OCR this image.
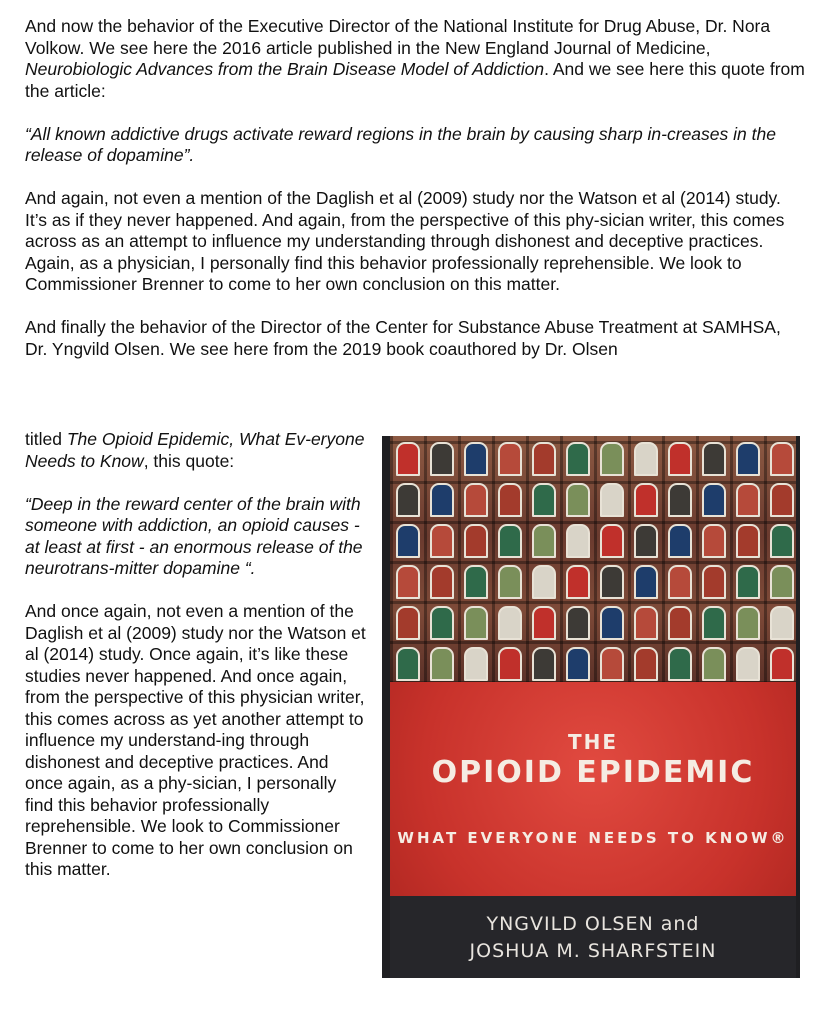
And now the behavior of the Executive Director of the National Institute for Drug Abuse, Dr. Nora Volkow. We see here the 2016 article published in the New England Journal of Medicine, Neurobiologic Advances from the Brain Disease Model of Addiction. And we see here this quote from the article:

“All known addictive drugs activate reward regions in the brain by causing sharp in-creases in the release of dopamine”.

And again, not even a mention of the Daglish et al (2009) study nor the Watson et al (2014) study. It’s as if they never happened. And again, from the perspective of this phy-sician writer, this comes across as an attempt to influence my understanding through dishonest and deceptive practices. Again, as a physician, I personally find this behavior professionally reprehensible. We look to Commissioner Brenner to come to her own conclusion on this matter.

And finally the behavior of the Director of the Center for Substance Abuse Treatment at SAMHSA, Dr. Yngvild Olsen. We see here from the 2019 book coauthored by Dr. Olsen

titled The Opioid Epidemic, What Ev-eryone Needs to Know, this quote:

“Deep in the reward center of the brain with someone with addiction, an opioid causes - at least at first - an enormous release of the neurotrans-mitter dopamine “.

And once again, not even a mention of the Daglish et al (2009) study nor the Watson et al (2014) study. Once again, it’s like these studies never happened. And once again, from the perspective of this physician writer, this comes across as yet another attempt to influence my understand-ing through dishonest and deceptive practices. And once again, as a phy-sician, I personally find this behavior professionally reprehensible. We look to Commissioner Brenner to come to her own conclusion on this matter.

THE
OPIOID EPIDEMIC
WHAT EVERYONE NEEDS TO KNOW®
YNGVILD OLSEN and
JOSHUA M. SHARFSTEIN
